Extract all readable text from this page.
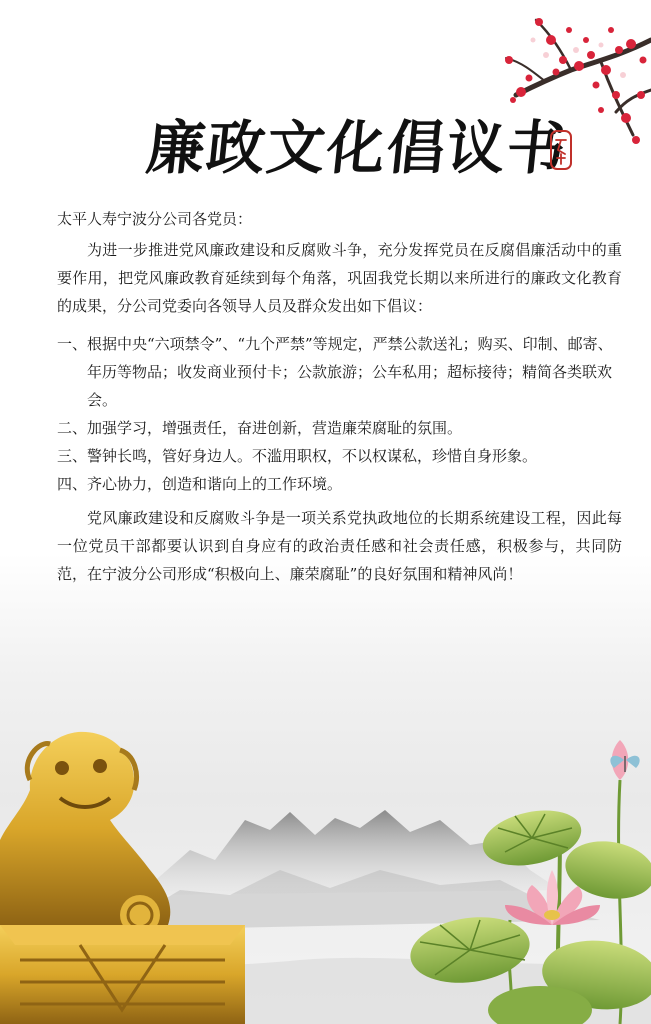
廉政文化倡议书

太平人寿宁波分公司各党员：

为进一步推进党风廉政建设和反腐败斗争，充分发挥党员在反腐倡廉活动中的重要作用，把党风廉政教育延续到每个角落，巩固我党长期以来所进行的廉政文化教育的成果，分公司党委向各领导人员及群众发出如下倡议：

一、根据中央“六项禁令”、“九个严禁”等规定，严禁公款送礼；购买、印制、邮寄、年历等物品；收发商业预付卡；公款旅游；公车私用；超标接待；精简各类联欢会。
二、加强学习，增强责任，奋进创新，营造廉荣腐耻的氛围。
三、警钟长鸣，管好身边人。不滥用职权，不以权谋私，珍惜自身形象。
四、齐心协力，创造和谐向上的工作环境。

党风廉政建设和反腐败斗争是一项关系党执政地位的长期系统建设工程，因此每一位党员干部都要认识到自身应有的政治责任感和社会责任感，积极参与，共同防范，在宁波分公司形成“积极向上、廉荣腐耻”的良好氛围和精神风尚！
